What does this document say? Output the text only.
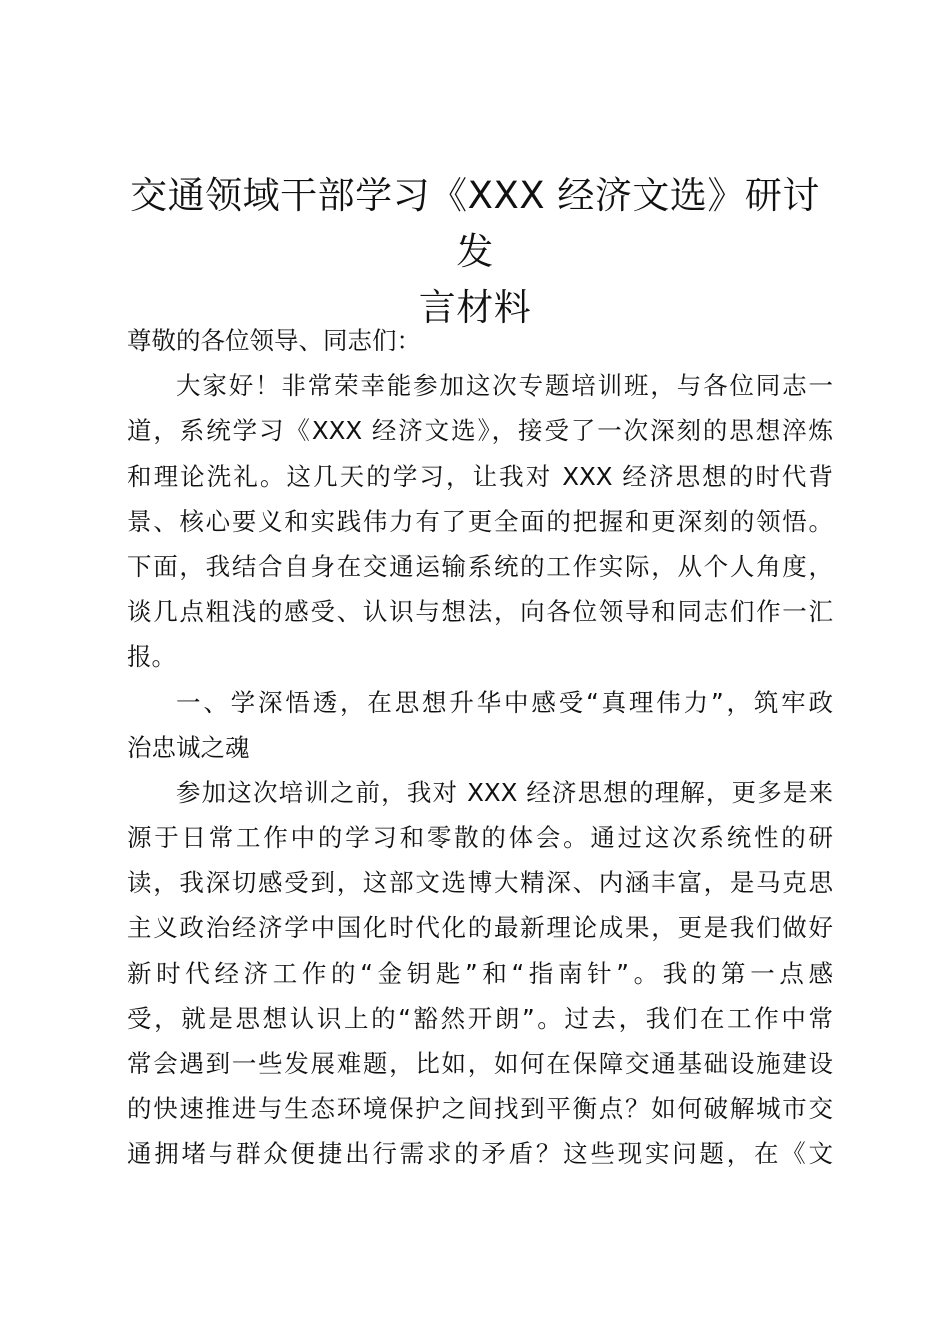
交通领域干部学习《XXX 经济文选》研讨发
言材料
尊敬的各位领导、同志们：
大家好！非常荣幸能参加这次专题培训班，与各位同志一
道，系统学习《XXX 经济文选》，接受了一次深刻的思想淬炼
和理论洗礼。这几天的学习，让我对 XXX 经济思想的时代背
景、核心要义和实践伟力有了更全面的把握和更深刻的领悟。
下面，我结合自身在交通运输系统的工作实际，从个人角度，
谈几点粗浅的感受、认识与想法，向各位领导和同志们作一汇
报。
一、学深悟透，在思想升华中感受“真理伟力”，筑牢政
治忠诚之魂
参加这次培训之前，我对 XXX 经济思想的理解，更多是来
源于日常工作中的学习和零散的体会。通过这次系统性的研
读，我深切感受到，这部文选博大精深、内涵丰富，是马克思
主义政治经济学中国化时代化的最新理论成果，更是我们做好
新时代经济工作的“金钥匙”和“指南针”。我的第一点感
受，就是思想认识上的“豁然开朗”。过去，我们在工作中常
常会遇到一些发展难题，比如，如何在保障交通基础设施建设
的快速推进与生态环境保护之间找到平衡点？如何破解城市交
通拥堵与群众便捷出行需求的矛盾？这些现实问题，在《文
